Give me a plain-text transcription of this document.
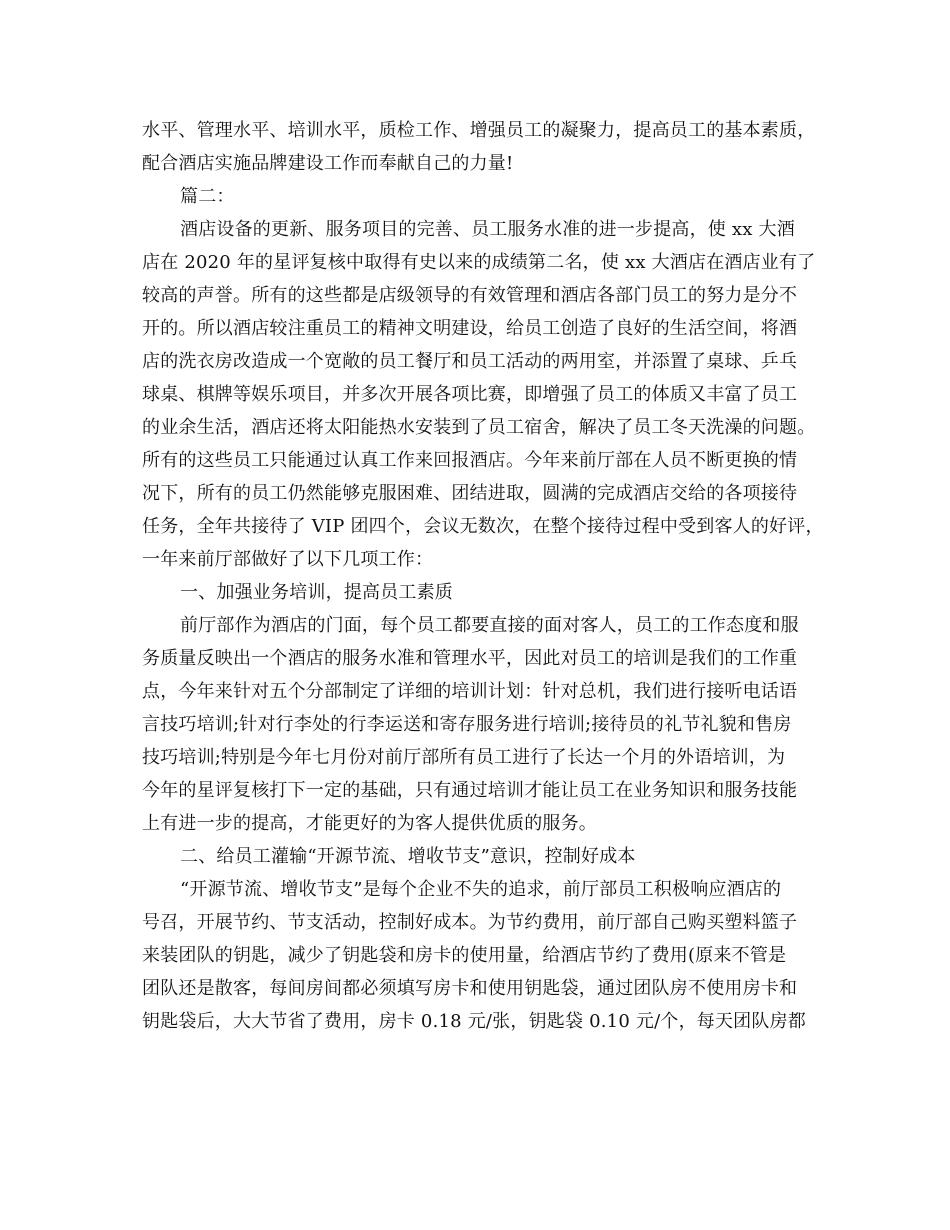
水平、管理水平、培训水平，质检工作、增强员工的凝聚力，提高员工的基本素质，
配合酒店实施品牌建设工作而奉献自己的力量!
篇二：
酒店设备的更新、服务项目的完善、员工服务水准的进一步提高，使 xx 大酒
店在 2020 年的星评复核中取得有史以来的成绩第二名，使 xx 大酒店在酒店业有了
较高的声誉。所有的这些都是店级领导的有效管理和酒店各部门员工的努力是分不
开的。所以酒店较注重员工的精神文明建设，给员工创造了良好的生活空间，将酒
店的洗衣房改造成一个宽敞的员工餐厅和员工活动的两用室，并添置了桌球、乒乓
球桌、棋牌等娱乐项目，并多次开展各项比赛，即增强了员工的体质又丰富了员工
的业余生活，酒店还将太阳能热水安装到了员工宿舍，解决了员工冬天洗澡的问题。
所有的这些员工只能通过认真工作来回报酒店。今年来前厅部在人员不断更换的情
况下，所有的员工仍然能够克服困难、团结进取，圆满的完成酒店交给的各项接待
任务，全年共接待了 VIP 团四个，会议无数次，在整个接待过程中受到客人的好评，
一年来前厅部做好了以下几项工作：
一、加强业务培训，提高员工素质
前厅部作为酒店的门面，每个员工都要直接的面对客人，员工的工作态度和服
务质量反映出一个酒店的服务水准和管理水平，因此对员工的培训是我们的工作重
点，今年来针对五个分部制定了详细的培训计划：针对总机，我们进行接听电话语
言技巧培训;针对行李处的行李运送和寄存服务进行培训;接待员的礼节礼貌和售房
技巧培训;特别是今年七月份对前厅部所有员工进行了长达一个月的外语培训，为
今年的星评复核打下一定的基础，只有通过培训才能让员工在业务知识和服务技能
上有进一步的提高，才能更好的为客人提供优质的服务。
二、给员工灌输“开源节流、增收节支”意识，控制好成本
“开源节流、增收节支”是每个企业不失的追求，前厅部员工积极响应酒店的
号召，开展节约、节支活动，控制好成本。为节约费用，前厅部自己购买塑料篮子
来装团队的钥匙，减少了钥匙袋和房卡的使用量，给酒店节约了费用(原来不管是
团队还是散客，每间房间都必须填写房卡和使用钥匙袋，通过团队房不使用房卡和
钥匙袋后，大大节省了费用，房卡 0.18 元/张，钥匙袋 0.10 元/个，每天团队房都
